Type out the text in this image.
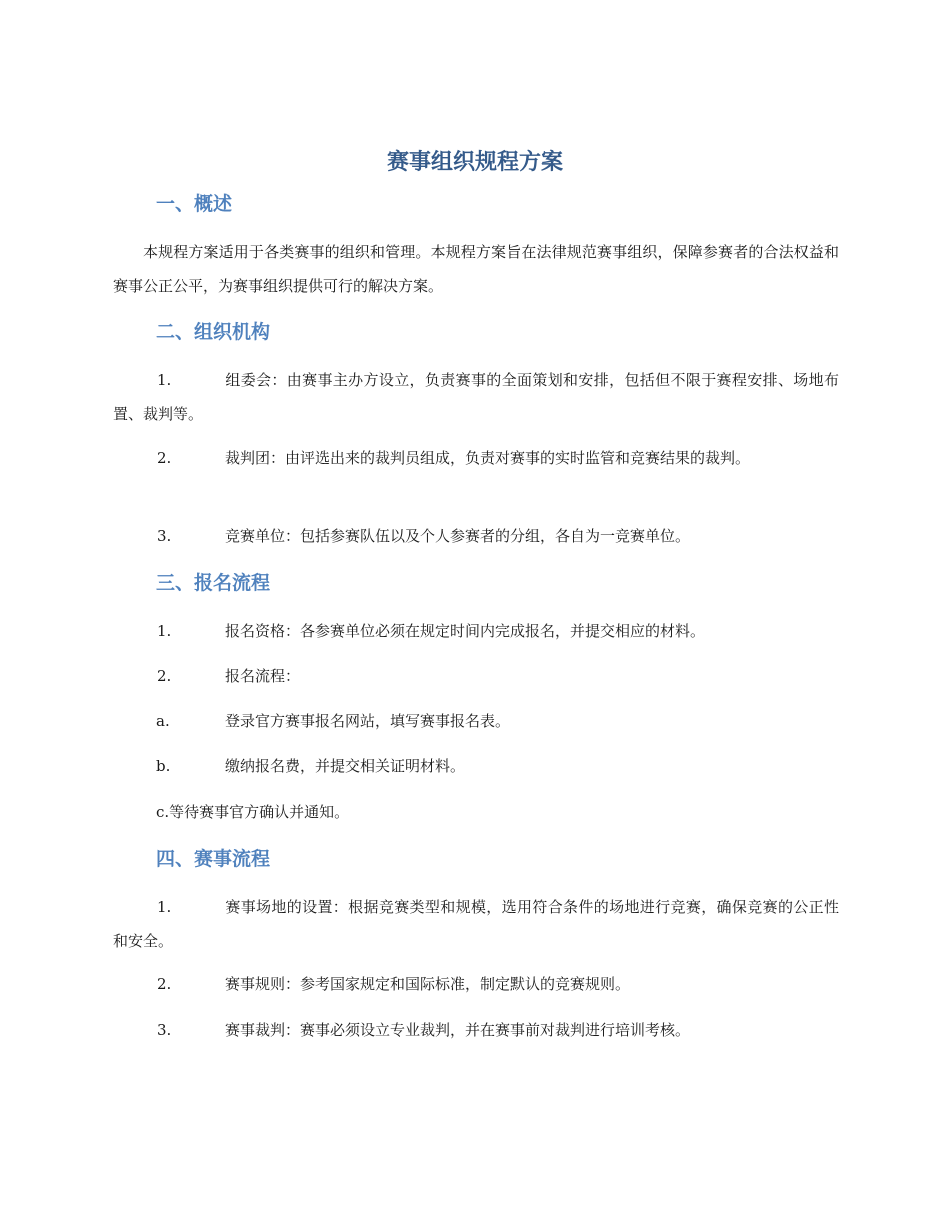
赛事组织规程方案
一、概述
本规程方案适用于各类赛事的组织和管理。本规程方案旨在法律规范赛事组织，保障参赛者的合法权益和赛事公正公平，为赛事组织提供可行的解决方案。
二、组织机构
1.	组委会：由赛事主办方设立，负责赛事的全面策划和安排，包括但不限于赛程安排、场地布置、裁判等。
2.	裁判团：由评选出来的裁判员组成，负责对赛事的实时监管和竞赛结果的裁判。
3.	竞赛单位：包括参赛队伍以及个人参赛者的分组，各自为一竞赛单位。
三、报名流程
1.	报名资格：各参赛单位必须在规定时间内完成报名，并提交相应的材料。
2.	报名流程：
a.	登录官方赛事报名网站，填写赛事报名表。
b.	缴纳报名费，并提交相关证明材料。
c.等待赛事官方确认并通知。
四、赛事流程
1.	赛事场地的设置：根据竞赛类型和规模，选用符合条件的场地进行竞赛，确保竞赛的公正性和安全。
2.	赛事规则：参考国家规定和国际标准，制定默认的竞赛规则。
3.	赛事裁判：赛事必须设立专业裁判，并在赛事前对裁判进行培训考核。
